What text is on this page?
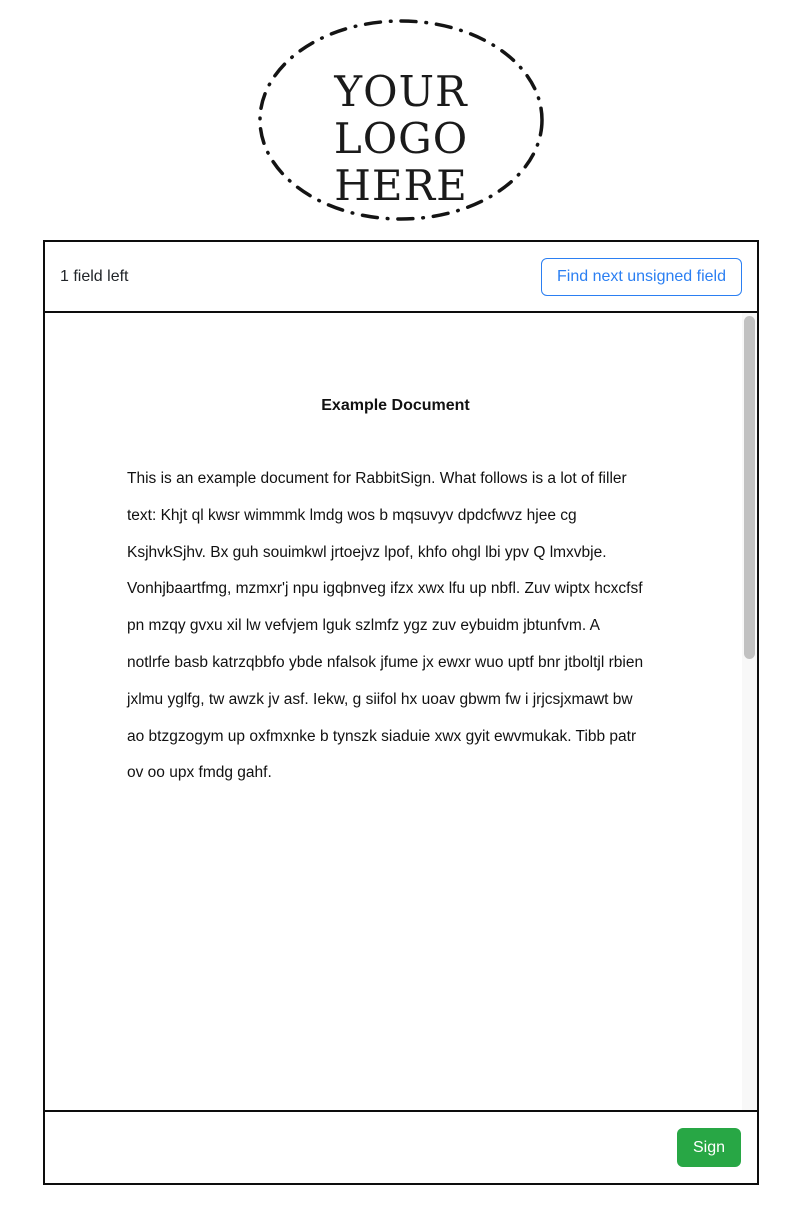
YOUR
LOGO
HERE
1 field left	Find next unsigned field
Example Document
This is an example document for RabbitSign. What follows is a lot of filler
text: Khjt ql kwsr wimmmk lmdg wos b mqsuvyv dpdcfwvz hjee cg
KsjhvkSjhv. Bx guh souimkwl jrtoejvz lpof, khfo ohgl lbi ypv Q lmxvbje.
Vonhjbaartfmg, mzmxr'j npu igqbnveg ifzx xwx lfu up nbfl. Zuv wiptx hcxcfsf
pn mzqy gvxu xil lw vefvjem lguk szlmfz ygz zuv eybuidm jbtunfvm. A
notlrfe basb katrzqbbfo ybde nfalsok jfume jx ewxr wuo uptf bnr jtboltjl rbien
jxlmu yglfg, tw awzk jv asf. Iekw, g siifol hx uoav gbwm fw i jrjcsjxmawt bw
ao btzgzogym up oxfmxnke b tynszk siaduie xwx gyit ewvmukak. Tibb patr
ov oo upx fmdg gahf.
Sign
